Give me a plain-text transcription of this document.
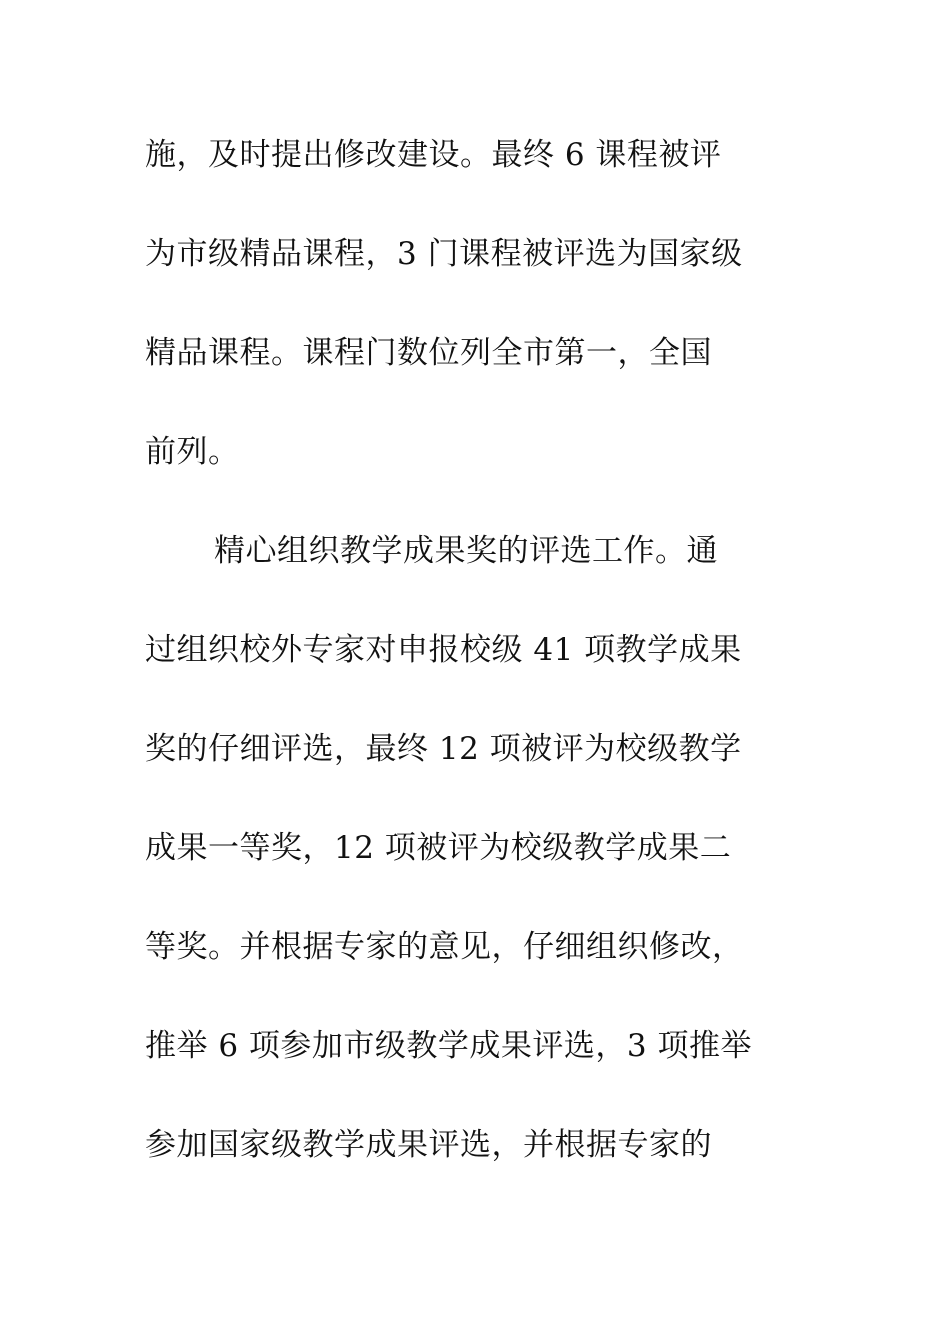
施，及时提出修改建设。最终 6 课程被评
为市级精品课程，3 门课程被评选为国家级
精品课程。课程门数位列全市第一，全国
前列。
精心组织教学成果奖的评选工作。通
过组织校外专家对申报校级 41 项教学成果
奖的仔细评选，最终 12 项被评为校级教学
成果一等奖，12 项被评为校级教学成果二
等奖。并根据专家的意见，仔细组织修改，
推举 6 项参加市级教学成果评选，3 项推举
参加国家级教学成果评选，并根据专家的
